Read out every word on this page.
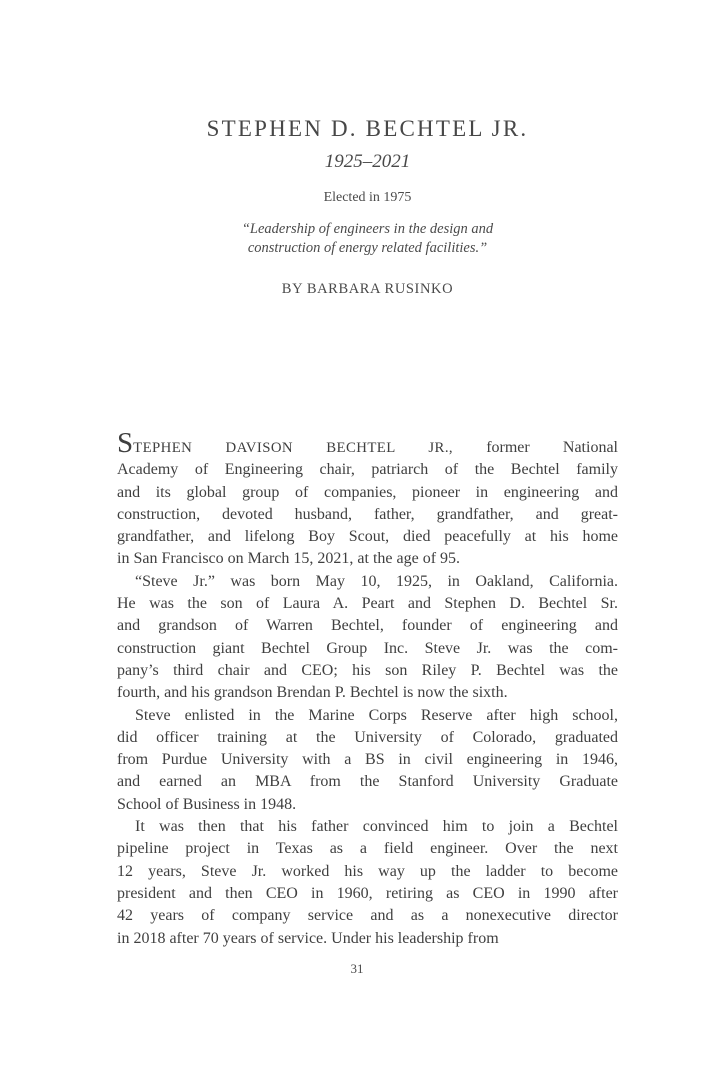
STEPHEN D. BECHTEL JR.
1925–2021
Elected in 1975
“Leadership of engineers in the design and
construction of energy related facilities.”
BY BARBARA RUSINKO
STEPHEN DAVISON BECHTEL JR., former National
Academy of Engineering chair, patriarch of the Bechtel family
and its global group of companies, pioneer in engineering and
construction, devoted husband, father, grandfather, and great-
grandfather, and lifelong Boy Scout, died peacefully at his home
in San Francisco on March 15, 2021, at the age of 95.
“Steve Jr.” was born May 10, 1925, in Oakland, California.
He was the son of Laura A. Peart and Stephen D. Bechtel Sr.
and grandson of Warren Bechtel, founder of engineering and
construction giant Bechtel Group Inc. Steve Jr. was the com-
pany’s third chair and CEO; his son Riley P. Bechtel was the
fourth, and his grandson Brendan P. Bechtel is now the sixth.
Steve enlisted in the Marine Corps Reserve after high school,
did officer training at the University of Colorado, graduated
from Purdue University with a BS in civil engineering in 1946,
and earned an MBA from the Stanford University Graduate
School of Business in 1948.
It was then that his father convinced him to join a Bechtel
pipeline project in Texas as a field engineer. Over the next
12 years, Steve Jr. worked his way up the ladder to become
president and then CEO in 1960, retiring as CEO in 1990 after
42 years of company service and as a nonexecutive director
in 2018 after 70 years of service. Under his leadership from
31
